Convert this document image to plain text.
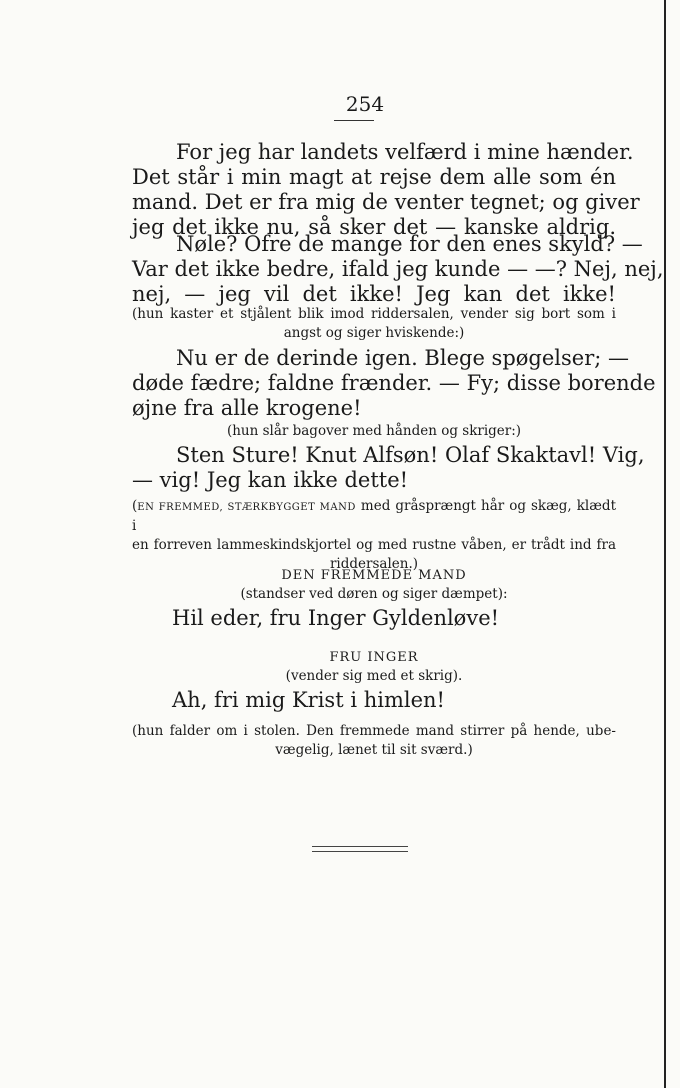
254
For jeg har landets velfærd i mine hænder.
Det står i min magt at rejse dem alle som én
mand. Det er fra mig de venter tegnet; og giver
jeg det ikke nu, så sker det — kanske aldrig.
Nøle? Ofre de mange for den enes skyld? —
Var det ikke bedre, ifald jeg kunde — —? Nej, nej,
nej, — jeg vil det ikke! Jeg kan det ikke!
(hun kaster et stjålent blik imod riddersalen, vender sig bort som i
angst og siger hviskende:)
Nu er de derinde igen. Blege spøgelser; —
døde fædre; faldne frænder. — Fy; disse borende
øjne fra alle krogene!
(hun slår bagover med hånden og skriger:)
Sten Sture! Knut Alfsøn! Olaf Skaktavl! Vig,
— vig! Jeg kan ikke dette!
(EN FREMMED, STÆRKBYGGET MAND med gråsprængt hår og skæg, klædt i
en forreven lammeskindskjortel og med rustne våben, er trådt ind fra
riddersalen.)
DEN FREMMEDE MAND
(standser ved døren og siger dæmpet):
Hil eder, fru Inger Gyldenløve!
FRU INGER
(vender sig med et skrig).
Ah, fri mig Krist i himlen!
(hun falder om i stolen. Den fremmede mand stirrer på hende, ube-
vægelig, lænet til sit sværd.)
